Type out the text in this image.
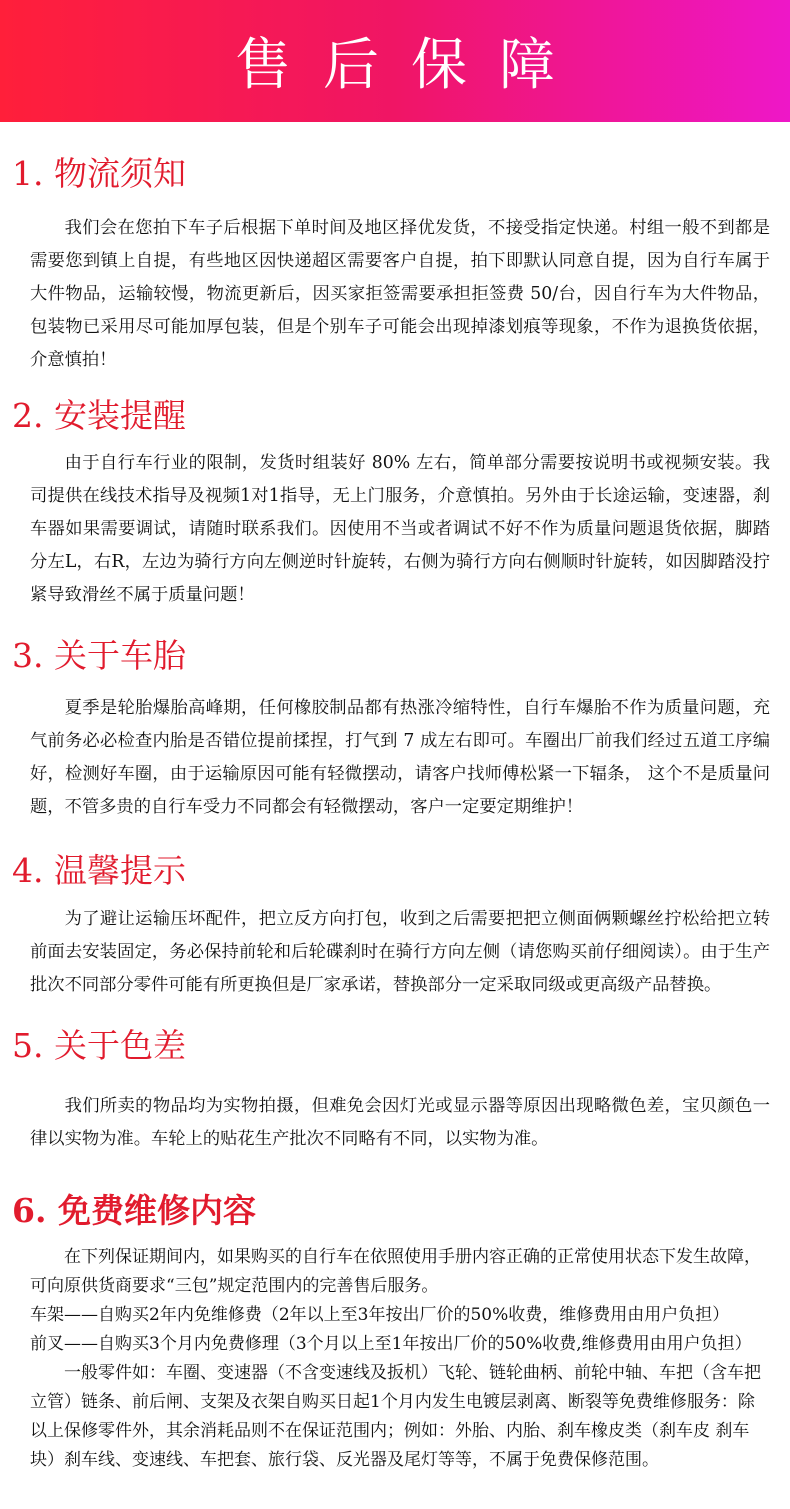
售后保障
1. 物流须知

我们会在您拍下车子后根据下单时间及地区择优发货，不接受指定快递。村组一般不到都是需要您到镇上自提，有些地区因快递超区需要客户自提，拍下即默认同意自提，因为自行车属于大件物品，运输较慢，物流更新后，因买家拒签需要承担拒签费 50/台，因自行车为大件物品，包装物已采用尽可能加厚包装，但是个别车子可能会出现掉漆划痕等现象，不作为退换货依据，介意慎拍！

2. 安装提醒

由于自行车行业的限制，发货时组装好 80% 左右，简单部分需要按说明书或视频安装。我司提供在线技术指导及视频1对1指导，无上门服务，介意慎拍。另外由于长途运输，变速器，刹车器如果需要调试，请随时联系我们。因使用不当或者调试不好不作为质量问题退货依据，脚踏分左L，右R，左边为骑行方向左侧逆时针旋转，右侧为骑行方向右侧顺时针旋转，如因脚踏没拧紧导致滑丝不属于质量问题！

3. 关于车胎

夏季是轮胎爆胎高峰期，任何橡胶制品都有热涨冷缩特性，自行车爆胎不作为质量问题，充气前务必必检查内胎是否错位提前揉捏，打气到 7 成左右即可。车圈出厂前我们经过五道工序编好，检测好车圈，由于运输原因可能有轻微摆动，请客户找师傅松紧一下辐条， 这个不是质量问题，不管多贵的自行车受力不同都会有轻微摆动，客户一定要定期维护！

4. 温馨提示

为了避让运输压坏配件，把立反方向打包，收到之后需要把把立侧面俩颗螺丝拧松给把立转前面去安装固定，务必保持前轮和后轮碟刹时在骑行方向左侧（请您购买前仔细阅读）。由于生产批次不同部分零件可能有所更换但是厂家承诺，替换部分一定采取同级或更高级产品替换。

5. 关于色差

我们所卖的物品均为实物拍摄，但难免会因灯光或显示器等原因出现略微色差，宝贝颜色一律以实物为准。车轮上的贴花生产批次不同略有不同，以实物为准。

6. 免费维修内容

在下列保证期间内，如果购买的自行车在依照使用手册内容正确的正常使用状态下发生故障，可向原供货商要求“三包”规定范围内的完善售后服务。

车架——自购买2年内免维修费（2年以上至3年按出厂价的50%收费，维修费用由用户负担）

前叉——自购买3个月内免费修理（3个月以上至1年按出厂价的50%收费,维修费用由用户负担）

一般零件如：车圈、变速器（不含变速线及扳机）飞轮、链轮曲柄、前轮中轴、车把（含车把立管）链条、前后闸、支架及衣架自购买日起1个月内发生电镀层剥离、断裂等免费维修服务：除以上保修零件外，其余消耗品则不在保证范围内；例如：外胎、内胎、刹车橡皮类（刹车皮 刹车块）刹车线、变速线、车把套、旅行袋、反光器及尾灯等等，不属于免费保修范围。
